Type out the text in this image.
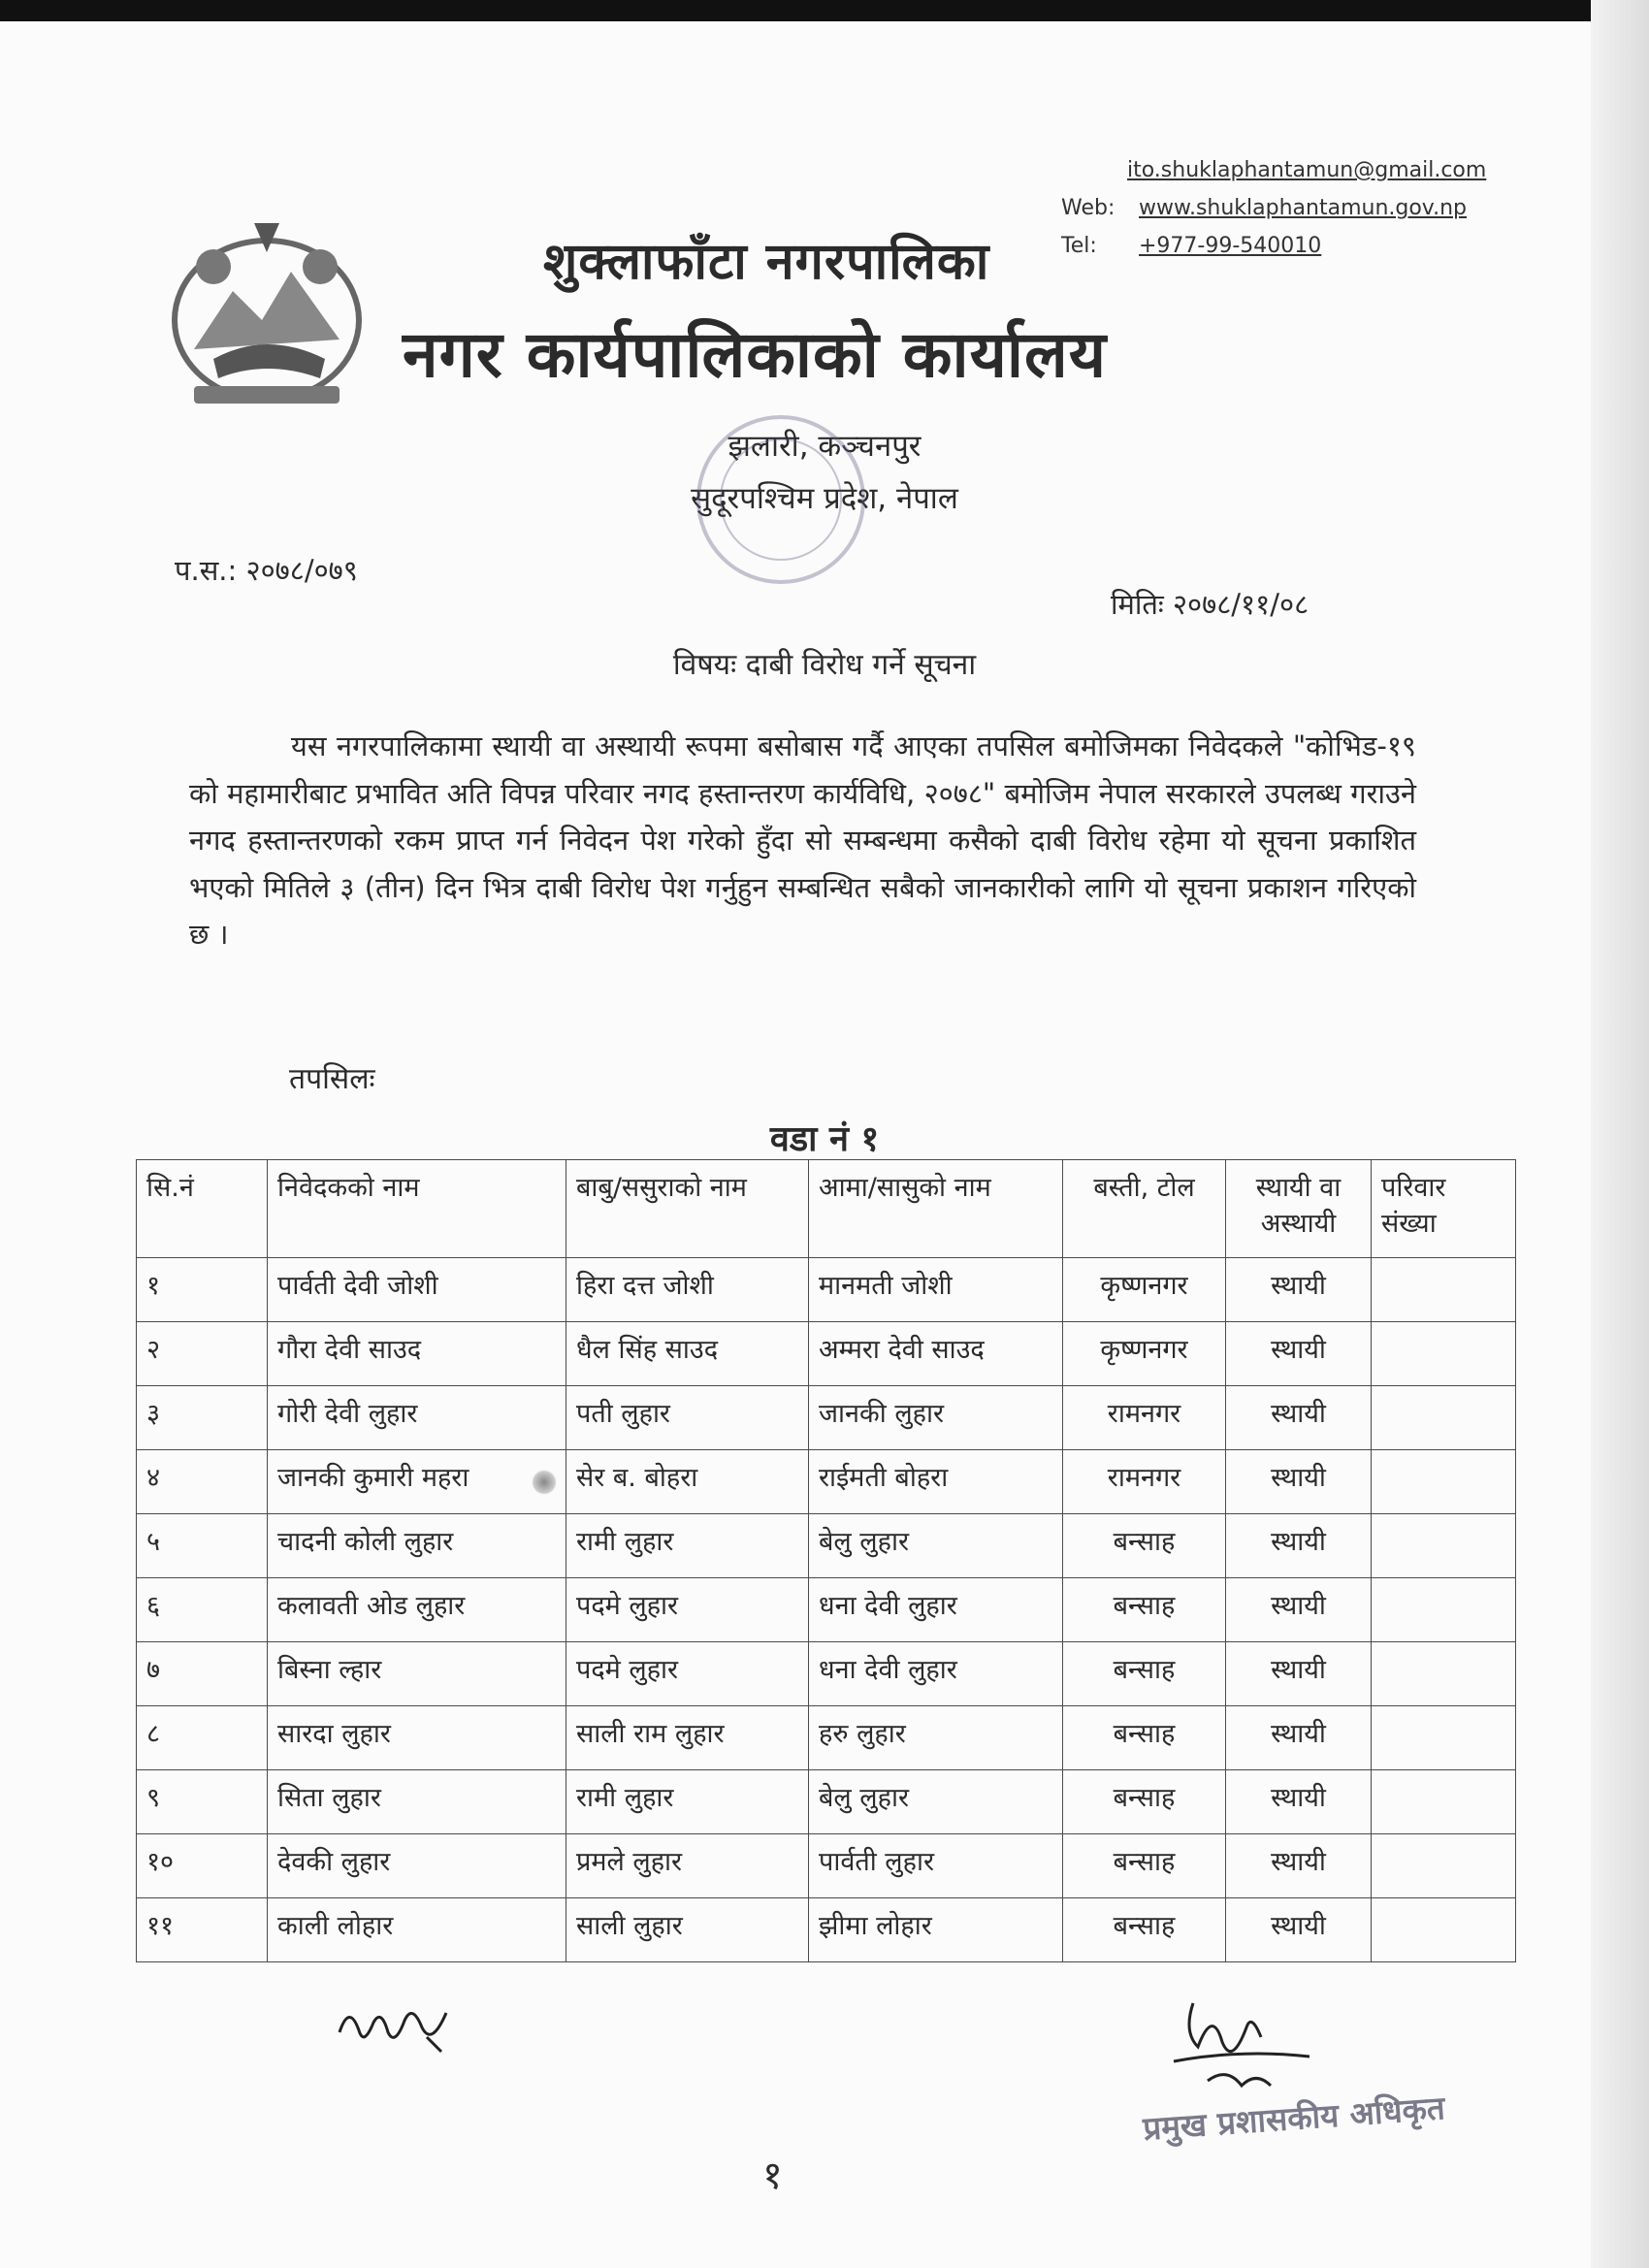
ito.shuklaphantamun@gmail.com
Web: www.shuklaphantamun.gov.np
Tel: +977-99-540010
शुक्लाफाँटा नगरपालिका
नगर कार्यपालिकाको कार्यालय
झलारी, कञ्चनपुर
सुदूरपश्चिम प्रदेश, नेपाल
प.स.: २०७८/०७९
मितिः २०७८/११/०८
विषयः दाबी विरोध गर्ने सूचना
यस नगरपालिकामा स्थायी वा अस्थायी रूपमा बसोबास गर्दै आएका तपसिल बमोजिमका निवेदकले "कोभिड-१९ को महामारीबाट प्रभावित अति विपन्न परिवार नगद हस्तान्तरण कार्यविधि, २०७८" बमोजिम नेपाल सरकारले उपलब्ध गराउने नगद हस्तान्तरणको रकम प्राप्त गर्न निवेदन पेश गरेको हुँदा सो सम्बन्धमा कसैको दाबी विरोध रहेमा यो सूचना प्रकाशित भएको मितिले ३ (तीन) दिन भित्र दाबी विरोध पेश गर्नुहुन सम्बन्धित सबैको जानकारीको लागि यो सूचना प्रकाशन गरिएको छ ।
तपसिलः
वडा नं १
सि.नं	निवेदकको नाम	बाबु/ससुराको नाम	आमा/सासुको नाम	बस्ती, टोल	स्थायी वा अस्थायी	परिवार संख्या
१	पार्वती देवी जोशी	हिरा दत्त जोशी	मानमती जोशी	कृष्णनगर	स्थायी	
२	गौरा देवी साउद	धैल सिंह साउद	अम्मरा देवी साउद	कृष्णनगर	स्थायी	
३	गोरी देवी लुहार	पती लुहार	जानकी लुहार	रामनगर	स्थायी	
४	जानकी कुमारी महरा	सेर ब. बोहरा	राईमती बोहरा	रामनगर	स्थायी	
५	चादनी कोली लुहार	रामी लुहार	बेलु लुहार	बन्साह	स्थायी	
६	कलावती ओड लुहार	पदमे लुहार	धना देवी लुहार	बन्साह	स्थायी	
७	बिस्ना ल्हार	पदमे लुहार	धना देवी लुहार	बन्साह	स्थायी	
८	सारदा लुहार	साली राम लुहार	हरु लुहार	बन्साह	स्थायी	
९	सिता लुहार	रामी लुहार	बेलु लुहार	बन्साह	स्थायी	
१०	देवकी लुहार	प्रमले लुहार	पार्वती लुहार	बन्साह	स्थायी	
११	काली लोहार	साली लुहार	झीमा लोहार	बन्साह	स्थायी	
प्रमुख प्रशासकीय अधिकृत
१
